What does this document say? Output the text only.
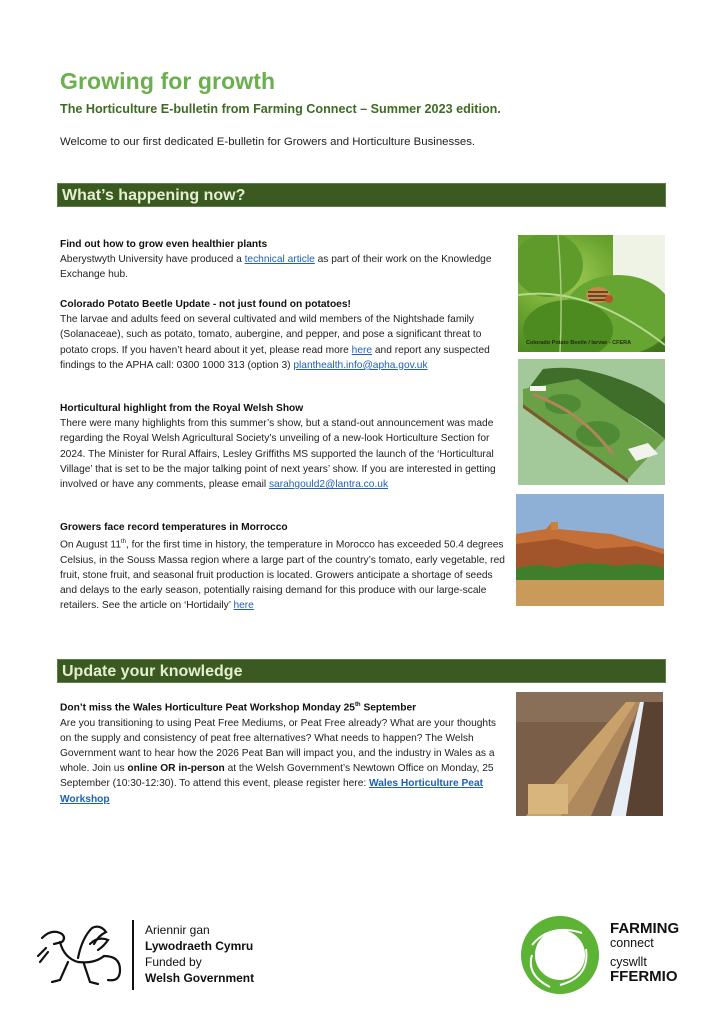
Growing for growth
The Horticulture E-bulletin from Farming Connect – Summer 2023 edition.
Welcome to our first dedicated E-bulletin for Growers and Horticulture Businesses.
What’s happening now?
Find out how to grow even healthier plants
Aberystwyth University have produced a technical article as part of their work on the Knowledge Exchange hub.
Colorado Potato Beetle Update - not just found on potatoes!
The larvae and adults feed on several cultivated and wild members of the Nightshade family (Solanaceae), such as potato, tomato, aubergine, and pepper, and pose a significant threat to potato crops. If you haven’t heard about it yet, please read more here and report any suspected findings to the APHA call: 0300 1000 313 (option 3) planthealth.info@apha.gov.uk
Horticultural highlight from the Royal Welsh Show
There were many highlights from this summer’s show, but a stand-out announcement was made regarding the Royal Welsh Agricultural Society’s unveiling of a new-look Horticulture Section for 2024. The Minister for Rural Affairs, Lesley Griffiths MS supported the launch of the ‘Horticultural Village’ that is set to be the major talking point of next years’ show. If you are interested in getting involved or have any comments, please email sarahgould2@lantra.co.uk
Growers face record temperatures in Morrocco
On August 11th, for the first time in history, the temperature in Morocco has exceeded 50.4 degrees Celsius, in the Souss Massa region where a large part of the country’s tomato, early vegetable, red fruit, stone fruit, and seasonal fruit production is located. Growers anticipate a shortage of seeds and delays to the early season, potentially raising demand for this produce with our large-scale retailers. See the article on ‘Hortidaily’ here
Colorado Potato Beetle / larvae - CFERA
Update your knowledge
Don’t miss the Wales Horticulture Peat Workshop Monday 25th September
Are you transitioning to using Peat Free Mediums, or Peat Free already? What are your thoughts on the supply and consistency of peat free alternatives? What needs to happen? The Welsh Government want to hear how the 2026 Peat Ban will impact you, and the industry in Wales as a whole. Join us online OR in-person at the Welsh Government’s Newtown Office on Monday, 25 September (10:30-12:30). To attend this event, please register here: Wales Horticulture Peat Workshop
Ariennir gan
Lywodraeth Cymru
Funded by
Welsh Government
FARMING
connect
cyswllt
FFERMIO
